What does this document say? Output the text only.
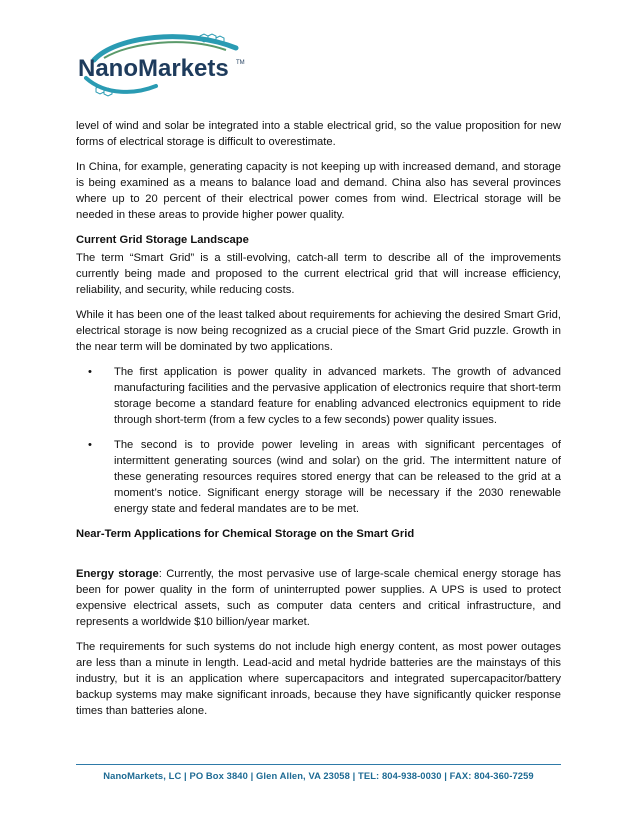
NanoMarkets TM

level of wind and solar be integrated into a stable electrical grid, so the value proposition for new forms of electrical storage is difficult to overestimate.

In China, for example, generating capacity is not keeping up with increased demand, and storage is being examined as a means to balance load and demand. China also has several provinces where up to 20 percent of their electrical power comes from wind. Electrical storage will be needed in these areas to provide higher power quality.

Current Grid Storage Landscape

The term “Smart Grid” is a still-evolving, catch-all term to describe all of the improvements currently being made and proposed to the current electrical grid that will increase efficiency, reliability, and security, while reducing costs.

While it has been one of the least talked about requirements for achieving the desired Smart Grid, electrical storage is now being recognized as a crucial piece of the Smart Grid puzzle. Growth in the near term will be dominated by two applications.

• The first application is power quality in advanced markets. The growth of advanced manufacturing facilities and the pervasive application of electronics require that short-term storage become a standard feature for enabling advanced electronics equipment to ride through short-term (from a few cycles to a few seconds) power quality issues.
• The second is to provide power leveling in areas with significant percentages of intermittent generating sources (wind and solar) on the grid. The intermittent nature of these generating resources requires stored energy that can be released to the grid at a moment’s notice. Significant energy storage will be necessary if the 2030 renewable energy state and federal mandates are to be met.
Near-Term Applications for Chemical Storage on the Smart Grid

Energy storage: Currently, the most pervasive use of large-scale chemical energy storage has been for power quality in the form of uninterrupted power supplies. A UPS is used to protect expensive electrical assets, such as computer data centers and critical infrastructure, and represents a worldwide $10 billion/year market.

The requirements for such systems do not include high energy content, as most power outages are less than a minute in length. Lead-acid and metal hydride batteries are the mainstays of this industry, but it is an application where supercapacitors and integrated supercapacitor/battery backup systems may make significant inroads, because they have significantly quicker response times than batteries alone.

NanoMarkets, LC | PO Box 3840 | Glen Allen, VA 23058 | TEL: 804-938-0030 | FAX: 804-360-7259
